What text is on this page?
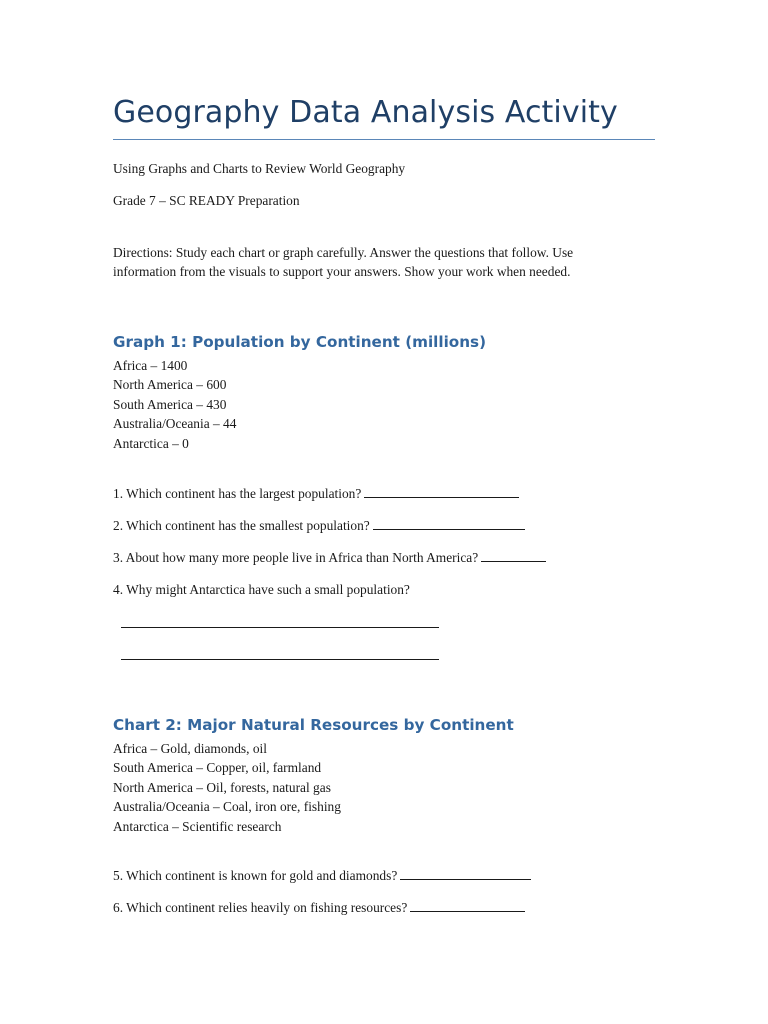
Geography Data Analysis Activity
Using Graphs and Charts to Review World Geography
Grade 7 – SC READY Preparation
Directions: Study each chart or graph carefully. Answer the questions that follow. Use information from the visuals to support your answers. Show your work when needed.
Graph 1: Population by Continent (millions)
Africa – 1400
North America – 600
South America – 430
Australia/Oceania – 44
Antarctica – 0
1. Which continent has the largest population?
2. Which continent has the smallest population?
3. About how many more people live in Africa than North America?
4. Why might Antarctica have such a small population?
Chart 2: Major Natural Resources by Continent
Africa – Gold, diamonds, oil
South America – Copper, oil, farmland
North America – Oil, forests, natural gas
Australia/Oceania – Coal, iron ore, fishing
Antarctica – Scientific research
5. Which continent is known for gold and diamonds?
6. Which continent relies heavily on fishing resources?
